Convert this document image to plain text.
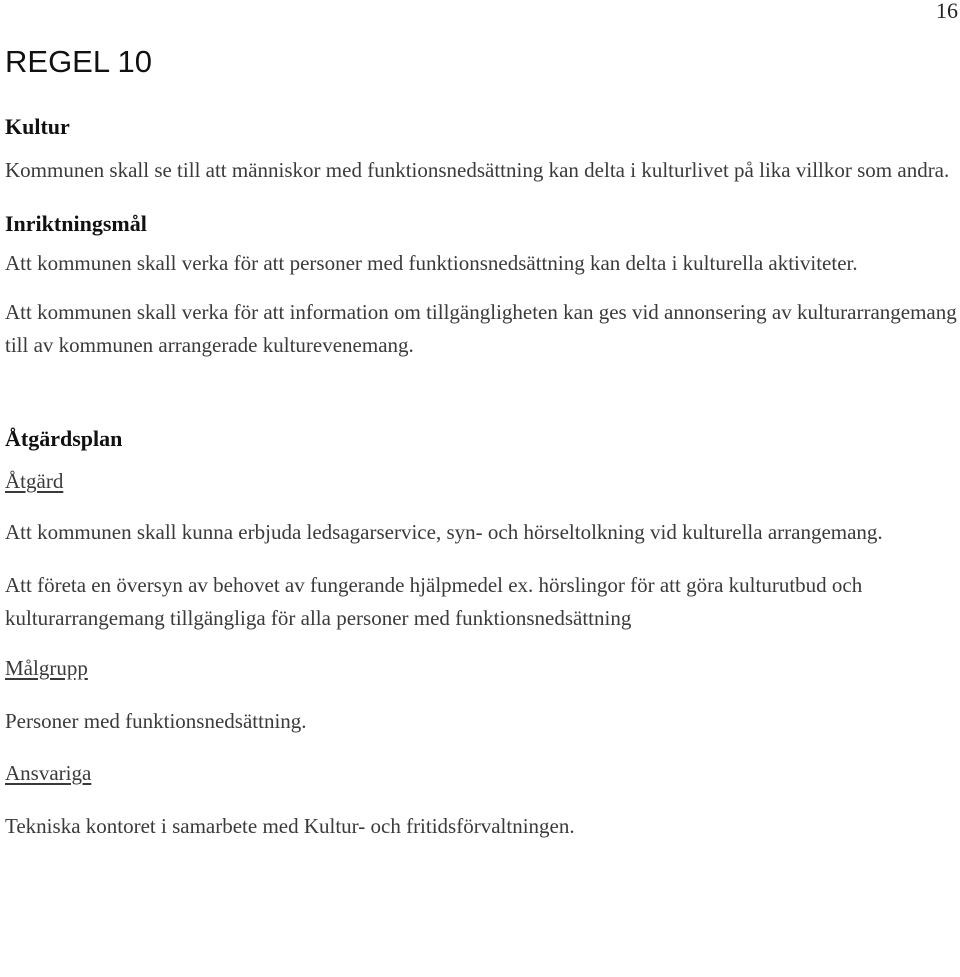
16
REGEL 10
Kultur

Kommunen skall se till att människor med funktionsnedsättning kan delta i kulturlivet på lika villkor som andra.

Inriktningsmål

Att kommunen skall verka för att personer med funktionsnedsättning kan delta i kulturella aktiviteter.

Att kommunen skall verka för att information om tillgängligheten kan ges vid annonsering av kulturarrangemang till av kommunen arrangerade kulturevenemang.

Åtgärdsplan

Åtgärd

Att kommunen skall kunna erbjuda ledsagarservice, syn- och hörseltolkning vid kulturella arrangemang.

Att företa en översyn av behovet av fungerande hjälpmedel ex. hörslingor för att göra kulturutbud och kulturarrangemang tillgängliga för alla personer med funktionsnedsättning

Målgrupp

Personer med funktionsnedsättning.

Ansvariga

Tekniska kontoret i samarbete med Kultur- och fritidsförvaltningen.
